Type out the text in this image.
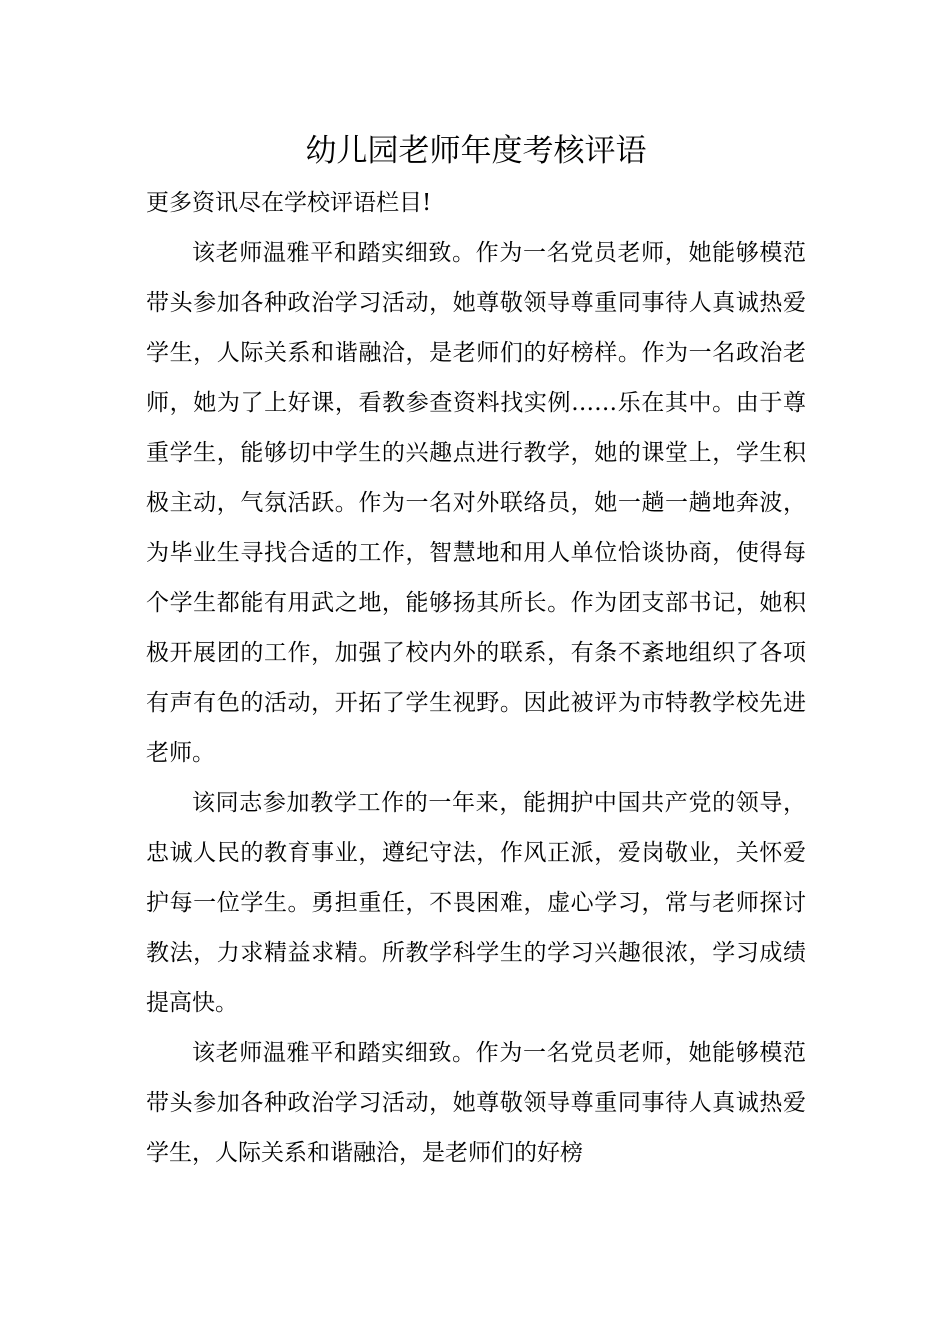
幼儿园老师年度考核评语

更多资讯尽在学校评语栏目!

该老师温雅平和踏实细致。作为一名党员老师，她能够模范带头参加各种政治学习活动，她尊敬领导尊重同事待人真诚热爱学生，人际关系和谐融洽，是老师们的好榜样。作为一名政治老师，她为了上好课，看教参查资料找实例……乐在其中。由于尊重学生，能够切中学生的兴趣点进行教学，她的课堂上，学生积极主动，气氛活跃。作为一名对外联络员，她一趟一趟地奔波，为毕业生寻找合适的工作，智慧地和用人单位恰谈协商，使得每个学生都能有用武之地，能够扬其所长。作为团支部书记，她积极开展团的工作，加强了校内外的联系，有条不紊地组织了各项有声有色的活动，开拓了学生视野。因此被评为市特教学校先进老师。

该同志参加教学工作的一年来，能拥护中国共产党的领导，忠诚人民的教育事业，遵纪守法，作风正派，爱岗敬业，关怀爱护每一位学生。勇担重任，不畏困难，虚心学习，常与老师探讨教法，力求精益求精。所教学科学生的学习兴趣很浓，学习成绩提高快。

该老师温雅平和踏实细致。作为一名党员老师，她能够模范带头参加各种政治学习活动，她尊敬领导尊重同事待人真诚热爱学生，人际关系和谐融洽，是老师们的好榜
